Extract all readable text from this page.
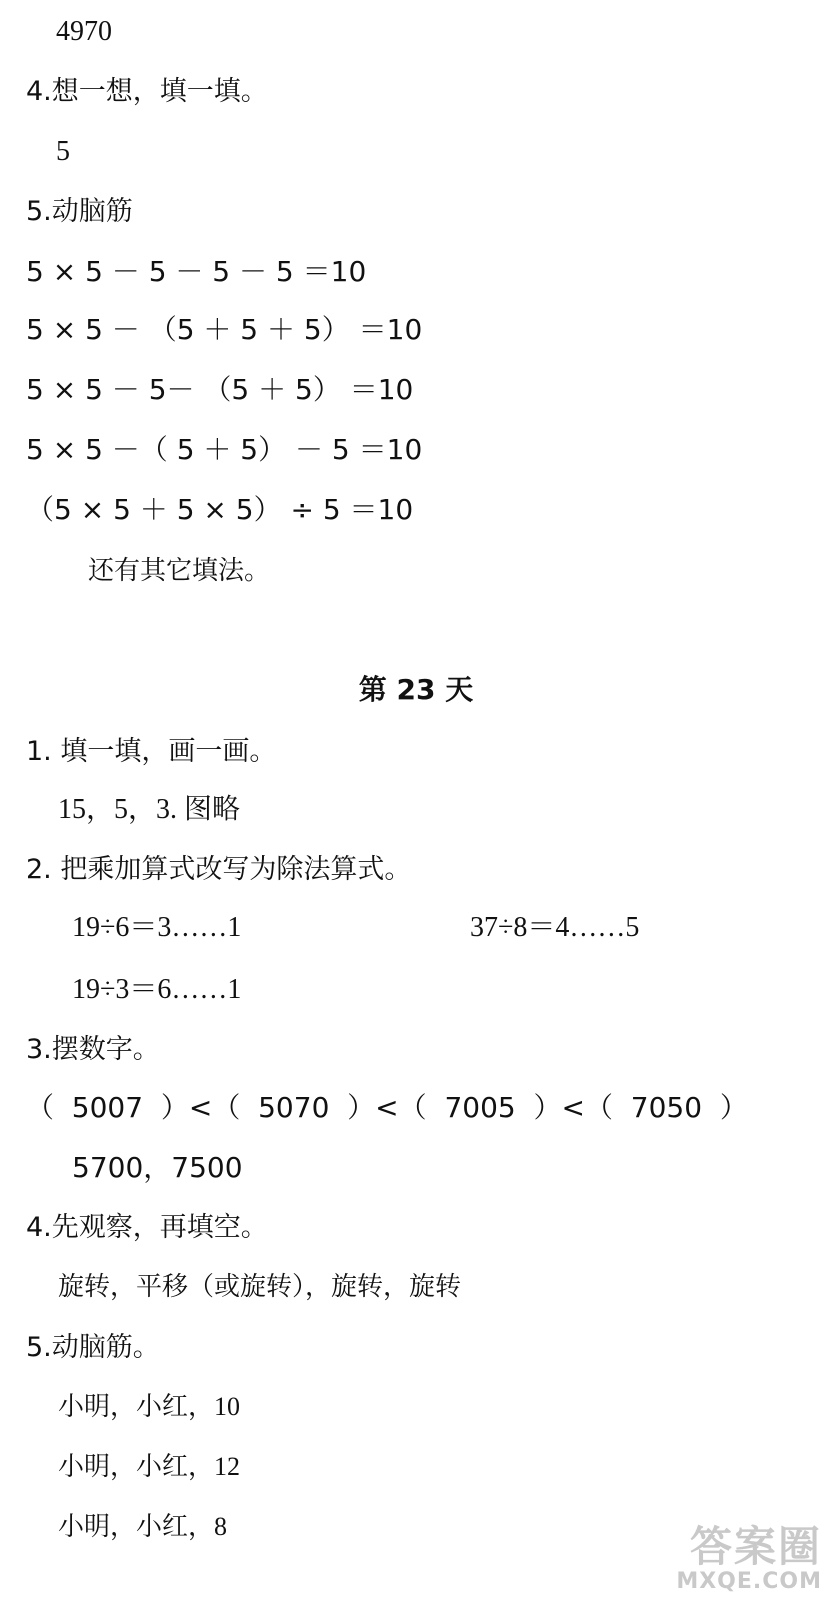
4970
4.想一想，填一填。
5
5.动脑筋
5 × 5 － 5 － 5 － 5 ＝10
5 × 5 － （5 ＋ 5 ＋ 5） ＝10
5 × 5 － 5－ （5 ＋ 5） ＝10
5 × 5 －（ 5 ＋ 5） － 5 ＝10
（5 × 5 ＋ 5 × 5） ÷ 5 ＝10
还有其它填法。
第 23 天
1. 填一填，画一画。
15，5，3. 图略
2. 把乘加算式改写为除法算式。
19÷6＝3……1	37÷8＝4……5
19÷3＝6……1
3.摆数字。
（  5007  ）<（  5070  ）<（  7005  ）<（  7050  ）
5700，7500
4.先观察，再填空。
旋转，平移（或旋转），旋转，旋转
5.动脑筋。
小明，小红，10
小明，小红，12
小明，小红，8	答案圈
MXQE.COM
